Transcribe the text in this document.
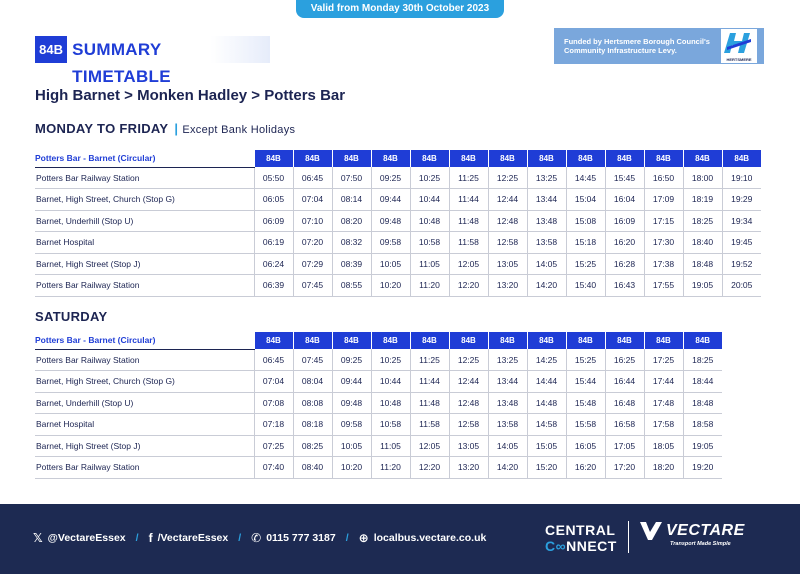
Valid from Monday 30th October 2023
84B SUMMARY TIMETABLE
Funded by Hertsmere Borough Council's Community Infrastructure Levy.
HERTSMERE
High Barnet > Monken Hadley > Potters Bar
MONDAY TO FRIDAY | Except Bank Holidays
Potters Bar - Barnet (Circular)	84B	84B	84B	84B	84B	84B	84B	84B	84B	84B	84B	84B	84B
Potters Bar Railway Station	05:50	06:45	07:50	09:25	10:25	11:25	12:25	13:25	14:45	15:45	16:50	18:00	19:10
Barnet, High Street, Church (Stop G)	06:05	07:04	08:14	09:44	10:44	11:44	12:44	13:44	15:04	16:04	17:09	18:19	19:29
Barnet, Underhill (Stop U)	06:09	07:10	08:20	09:48	10:48	11:48	12:48	13:48	15:08	16:09	17:15	18:25	19:34
Barnet Hospital	06:19	07:20	08:32	09:58	10:58	11:58	12:58	13:58	15:18	16:20	17:30	18:40	19:45
Barnet, High Street (Stop J)	06:24	07:29	08:39	10:05	11:05	12:05	13:05	14:05	15:25	16:28	17:38	18:48	19:52
Potters Bar Railway Station	06:39	07:45	08:55	10:20	11:20	12:20	13:20	14:20	15:40	16:43	17:55	19:05	20:05
SATURDAY
Potters Bar - Barnet (Circular)	84B	84B	84B	84B	84B	84B	84B	84B	84B	84B	84B	84B
Potters Bar Railway Station	06:45	07:45	09:25	10:25	11:25	12:25	13:25	14:25	15:25	16:25	17:25	18:25
Barnet, High Street, Church (Stop G)	07:04	08:04	09:44	10:44	11:44	12:44	13:44	14:44	15:44	16:44	17:44	18:44
Barnet, Underhill (Stop U)	07:08	08:08	09:48	10:48	11:48	12:48	13:48	14:48	15:48	16:48	17:48	18:48
Barnet Hospital	07:18	08:18	09:58	10:58	11:58	12:58	13:58	14:58	15:58	16:58	17:58	18:58
Barnet, High Street (Stop J)	07:25	08:25	10:05	11:05	12:05	13:05	14:05	15:05	16:05	17:05	18:05	19:05
Potters Bar Railway Station	07:40	08:40	10:20	11:20	12:20	13:20	14:20	15:20	16:20	17:20	18:20	19:20
𝕏 @VectareEssex / f /VectareEssex / ✆ 0115 777 3187 / ⊕ localbus.vectare.co.uk	CENTRAL
C∞NNECT
VECTARE
Transport Made Simple
